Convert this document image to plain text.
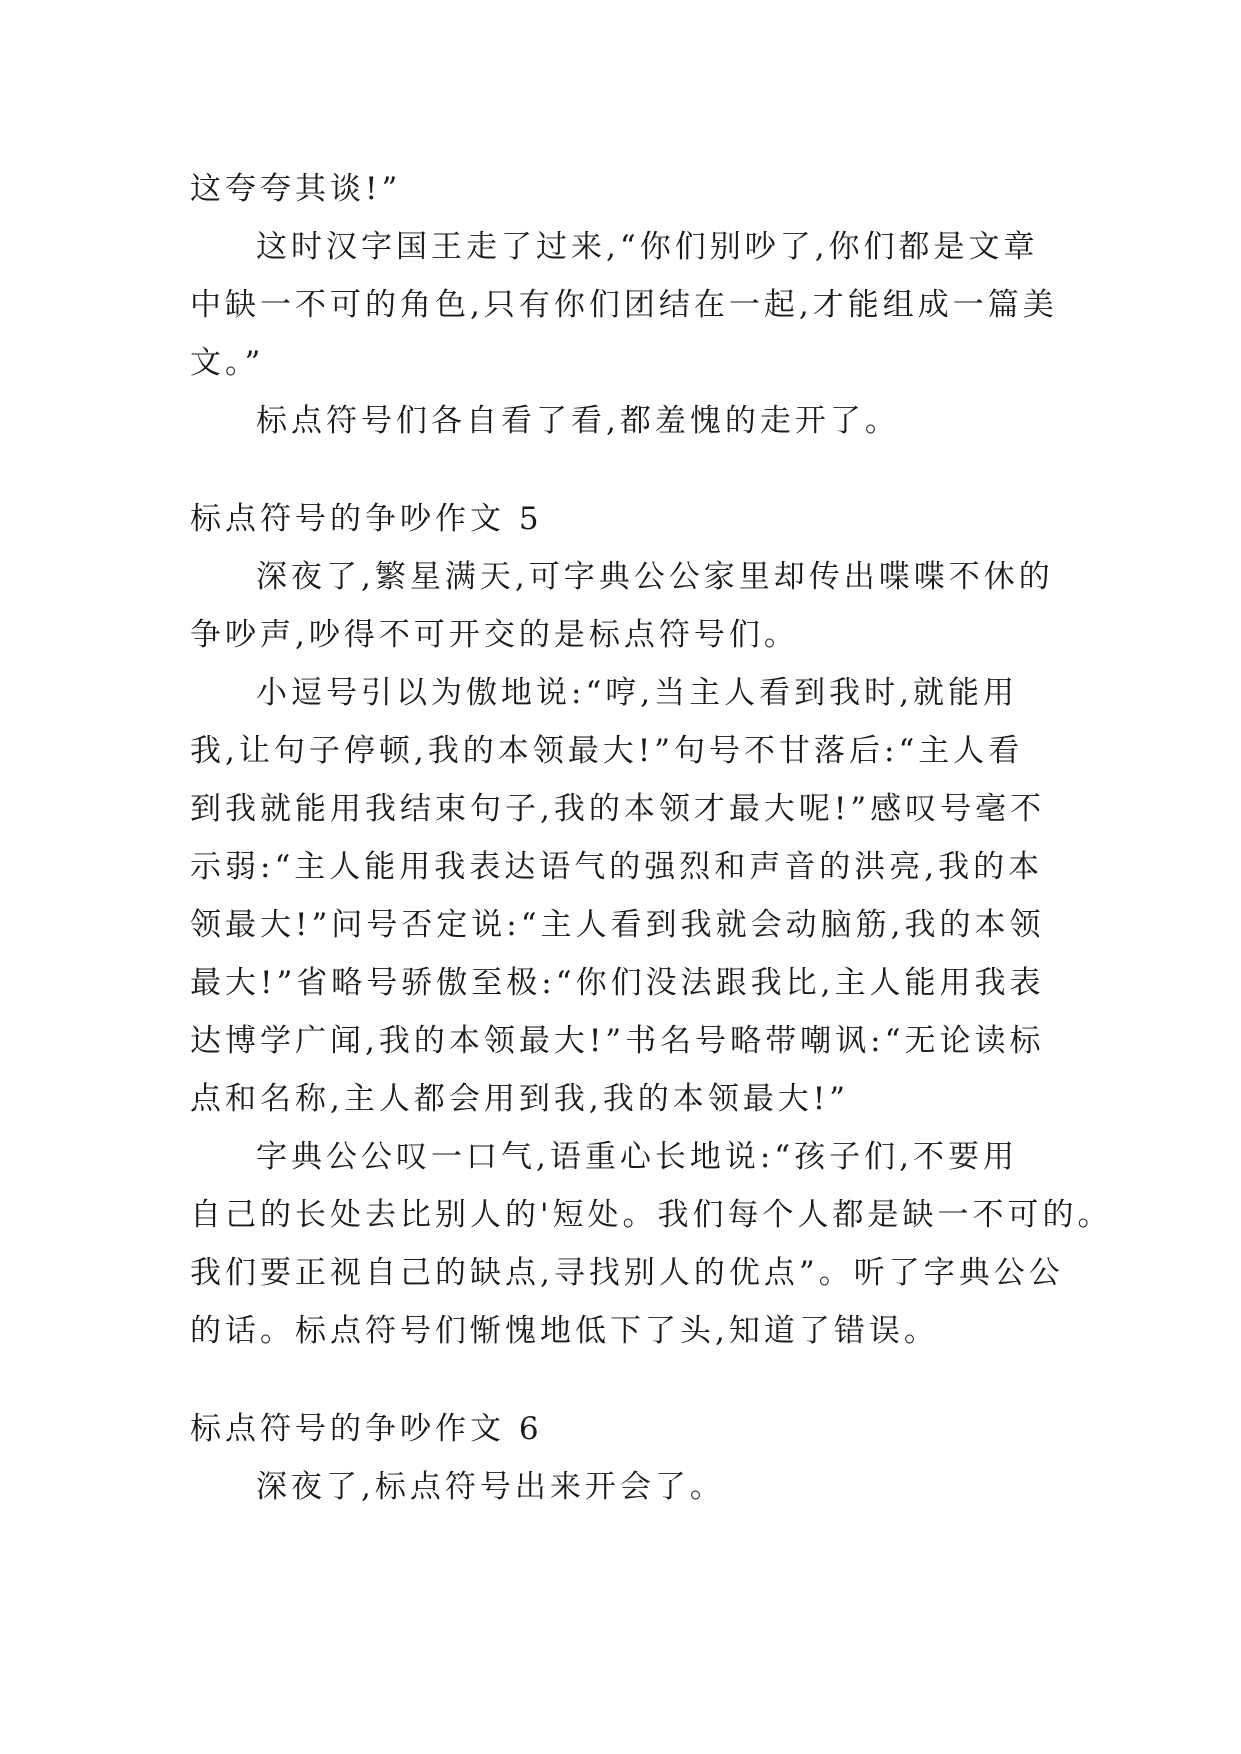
这夸夸其谈!”

这时汉字国王走了过来,“你们别吵了,你们都是文章

中缺一不可的角色,只有你们团结在一起,才能组成一篇美

文。”

标点符号们各自看了看,都羞愧的走开了。

标点符号的争吵作文 5

深夜了,繁星满天,可字典公公家里却传出喋喋不休的

争吵声,吵得不可开交的是标点符号们。

小逗号引以为傲地说:“哼,当主人看到我时,就能用

我,让句子停顿,我的本领最大!”句号不甘落后:“主人看

到我就能用我结束句子,我的本领才最大呢!”感叹号毫不

示弱:“主人能用我表达语气的强烈和声音的洪亮,我的本

领最大!”问号否定说:“主人看到我就会动脑筋,我的本领

最大!”省略号骄傲至极:“你们没法跟我比,主人能用我表

达博学广闻,我的本领最大!”书名号略带嘲讽:“无论读标

点和名称,主人都会用到我,我的本领最大!”

字典公公叹一口气,语重心长地说:“孩子们,不要用

自己的长处去比别人的'短处。我们每个人都是缺一不可的。

我们要正视自己的缺点,寻找别人的优点”。听了字典公公

的话。标点符号们惭愧地低下了头,知道了错误。

标点符号的争吵作文 6

深夜了,标点符号出来开会了。
